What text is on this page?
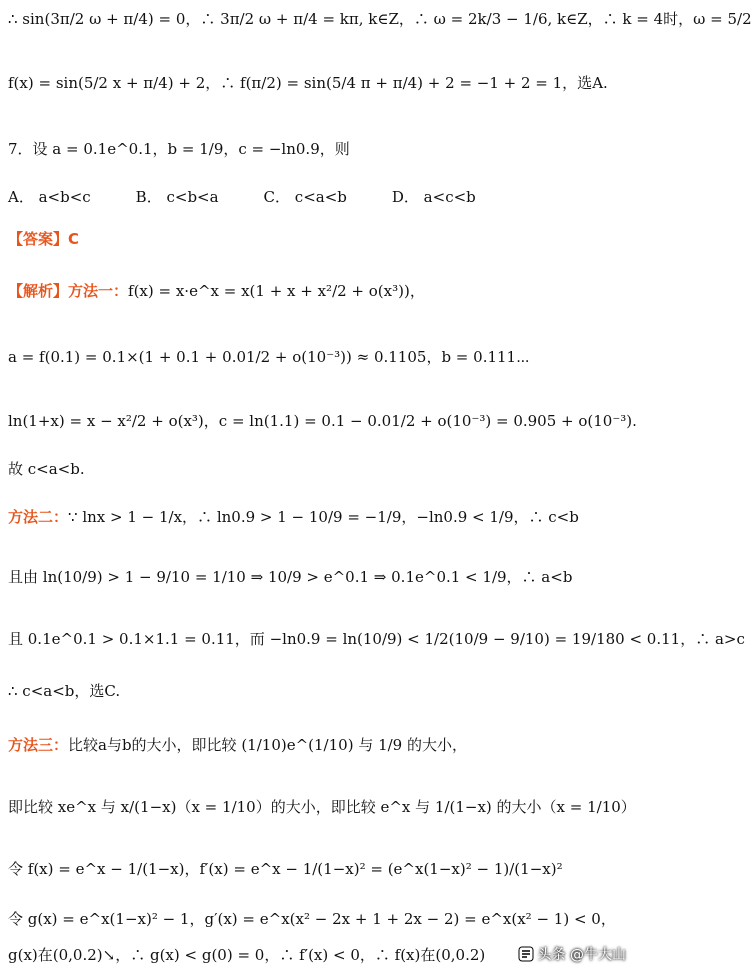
∴ sin(3π/2 ω + π/4) = 0，∴ 3π/2 ω + π/4 = kπ, k∈Z，∴ ω = 2k/3 − 1/6, k∈Z，∴ k = 4时，ω = 5/2
f(x) = sin(5/2 x + π/4) + 2，∴ f(π/2) = sin(5/4 π + π/4) + 2 = −1 + 2 = 1，选A.
7．设 a = 0.1e^0.1，b = 1/9，c = −ln0.9，则
A． a<b<c　　　B． c<b<a　　　C． c<a<b　　　D． a<c<b
【答案】C
【解析】方法一：f(x) = x·e^x = x(1 + x + x²/2 + o(x³))，
a = f(0.1) = 0.1×(1 + 0.1 + 0.01/2 + o(10⁻³)) ≈ 0.1105，b = 0.111⋯
ln(1+x) = x − x²/2 + o(x³)，c = ln(1.1) = 0.1 − 0.01/2 + o(10⁻³) = 0.905 + o(10⁻³).
故 c<a<b.
方法二：∵ lnx > 1 − 1/x，∴ ln0.9 > 1 − 10/9 = −1/9，−ln0.9 < 1/9，∴ c<b
且由 ln(10/9) > 1 − 9/10 = 1/10 ⇒ 10/9 > e^0.1 ⇒ 0.1e^0.1 < 1/9，∴ a<b
且 0.1e^0.1 > 0.1×1.1 = 0.11，而 −ln0.9 = ln(10/9) < 1/2(10/9 − 9/10) = 19/180 < 0.11，∴ a>c
∴ c<a<b，选C.
方法三：比较a与b的大小，即比较 (1/10)e^(1/10) 与 1/9 的大小，
即比较 xe^x 与 x/(1−x)（x = 1/10）的大小，即比较 e^x 与 1/(1−x) 的大小（x = 1/10）
令 f(x) = e^x − 1/(1−x)，f′(x) = e^x − 1/(1−x)² = (e^x(1−x)² − 1)/(1−x)²
令 g(x) = e^x(1−x)² − 1，g′(x) = e^x(x² − 2x + 1 + 2x − 2) = e^x(x² − 1) < 0，
g(x)在(0,0.2)↘，∴ g(x) < g(0) = 0，∴ f′(x) < 0，∴ f(x)在(0,0.2)	头条 @牛大山
